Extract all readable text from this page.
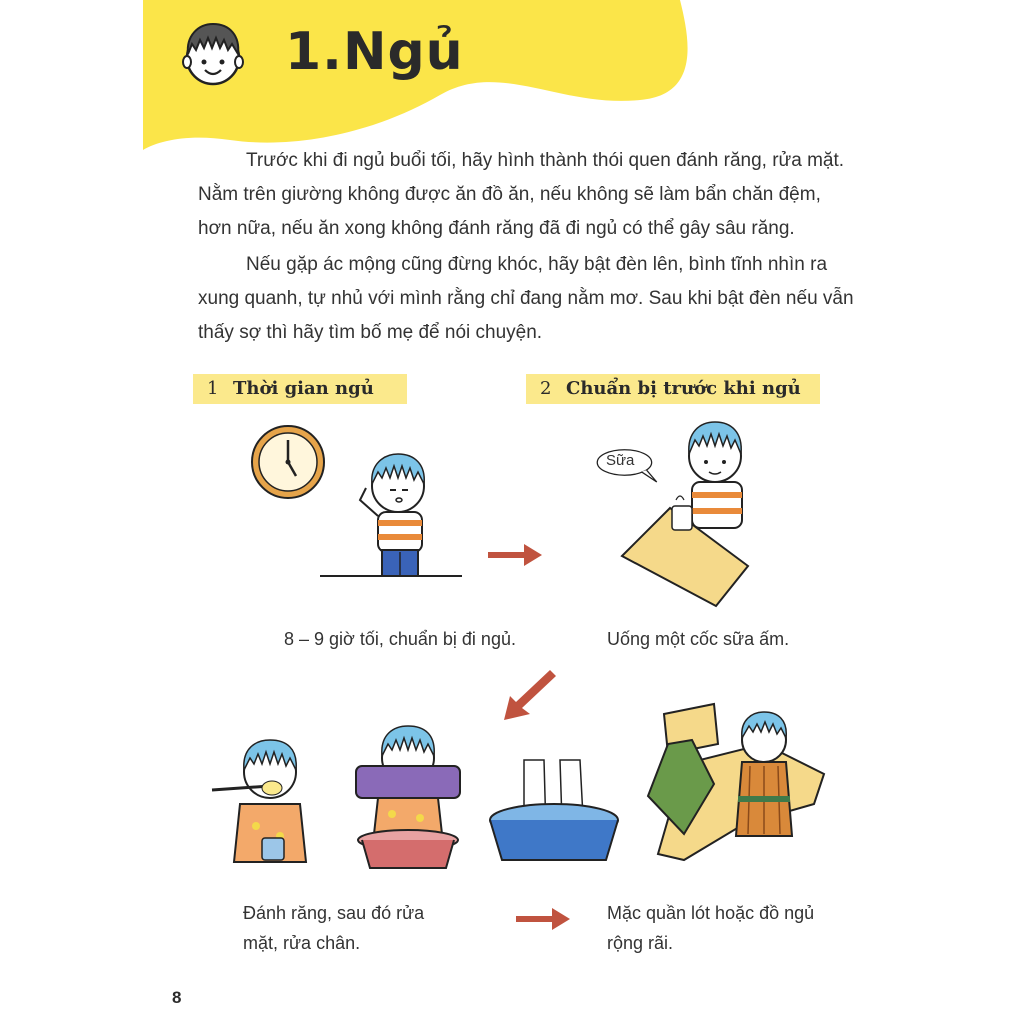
1.Ngủ
Trước khi đi ngủ buổi tối, hãy hình thành thói quen đánh răng, rửa mặt. Nằm trên giường không được ăn đồ ăn, nếu không sẽ làm bẩn chăn đệm, hơn nữa, nếu ăn xong không đánh răng đã đi ngủ có thể gây sâu răng.
Nếu gặp ác mộng cũng đừng khóc, hãy bật đèn lên, bình tĩnh nhìn ra xung quanh, tự nhủ với mình rằng chỉ đang nằm mơ. Sau khi bật đèn nếu vẫn thấy sợ thì hãy tìm bố mẹ để nói chuyện.
1 Thời gian ngủ	2 Chuẩn bị trước khi ngủ
Sữa
8 – 9 giờ tối, chuẩn bị đi ngủ.	Uống một cốc sữa ấm.
Đánh răng, sau đó rửa mặt, rửa chân.
Mặc quần lót hoặc đồ ngủ rộng rãi.
8
